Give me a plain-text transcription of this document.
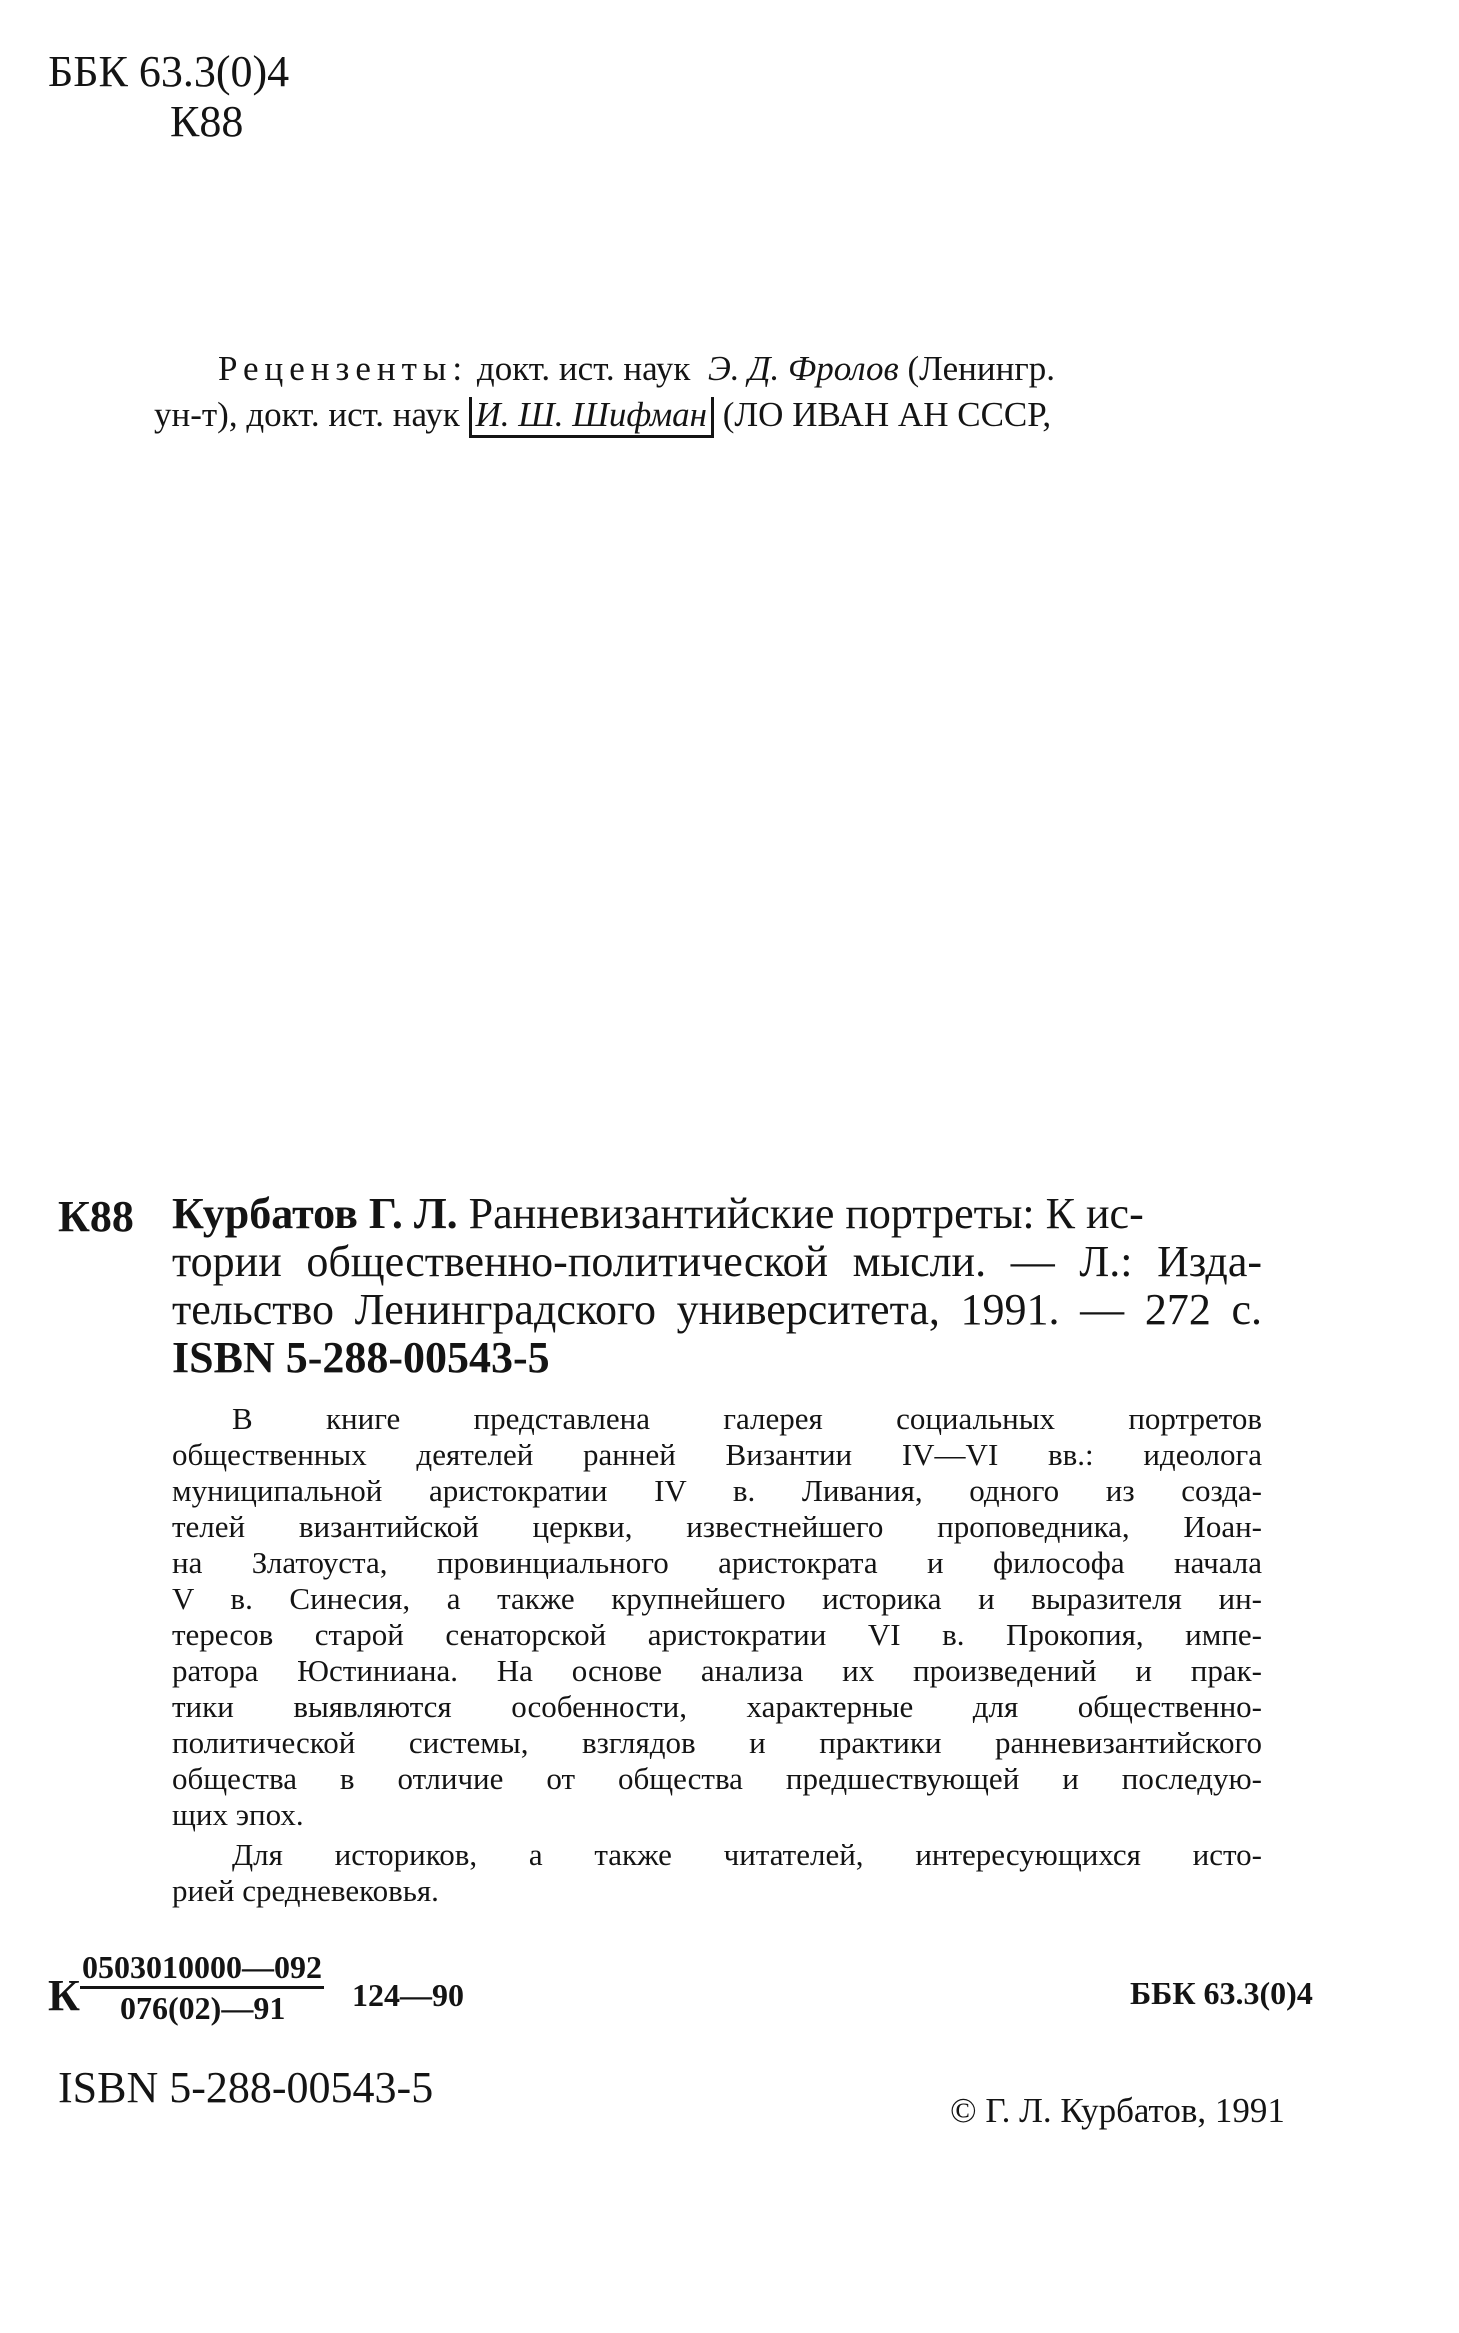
ББК 63.3(0)4
К88
Рецензенты: докт. ист. наук Э. Д. Фролов (Ленингр.
ун-т), докт. ист. наук И. Ш. Шифман (ЛО ИВАН АН СССР,
К88 Курбатов Г. Л. Ранневизантийские портреты: К ис-
тории общественно-политической мысли. — Л.: Изда-
тельство Ленинградского университета, 1991. — 272 с.
ISBN 5-288-00543-5
В книге представлена галерея социальных портретов
общественных деятелей ранней Византии IV—VI вв.: идеолога
муниципальной аристократии IV в. Ливания, одного из созда-
телей византийской церкви, известнейшего проповедника, Иоан-
на Златоуста, провинциального аристократа и философа начала
V в. Синесия, а также крупнейшего историка и выразителя ин-
тересов старой сенаторской аристократии VI в. Прокопия, импе-
ратора Юстиниана. На основе анализа их произведений и прак-
тики выявляются особенности, характерные для общественно-
политической системы, взглядов и практики ранневизантийского
общества в отличие от общества предшествующей и последую-
щих эпох.
Для историков, а также читателей, интересующихся исто-
рией средневековья.
К $\frac{0503010000—092}{076(02)—91}$ 124—90	ББК 63.3(0)4
ISBN 5-288-00543-5	© Г. Л. Курбатов, 1991
